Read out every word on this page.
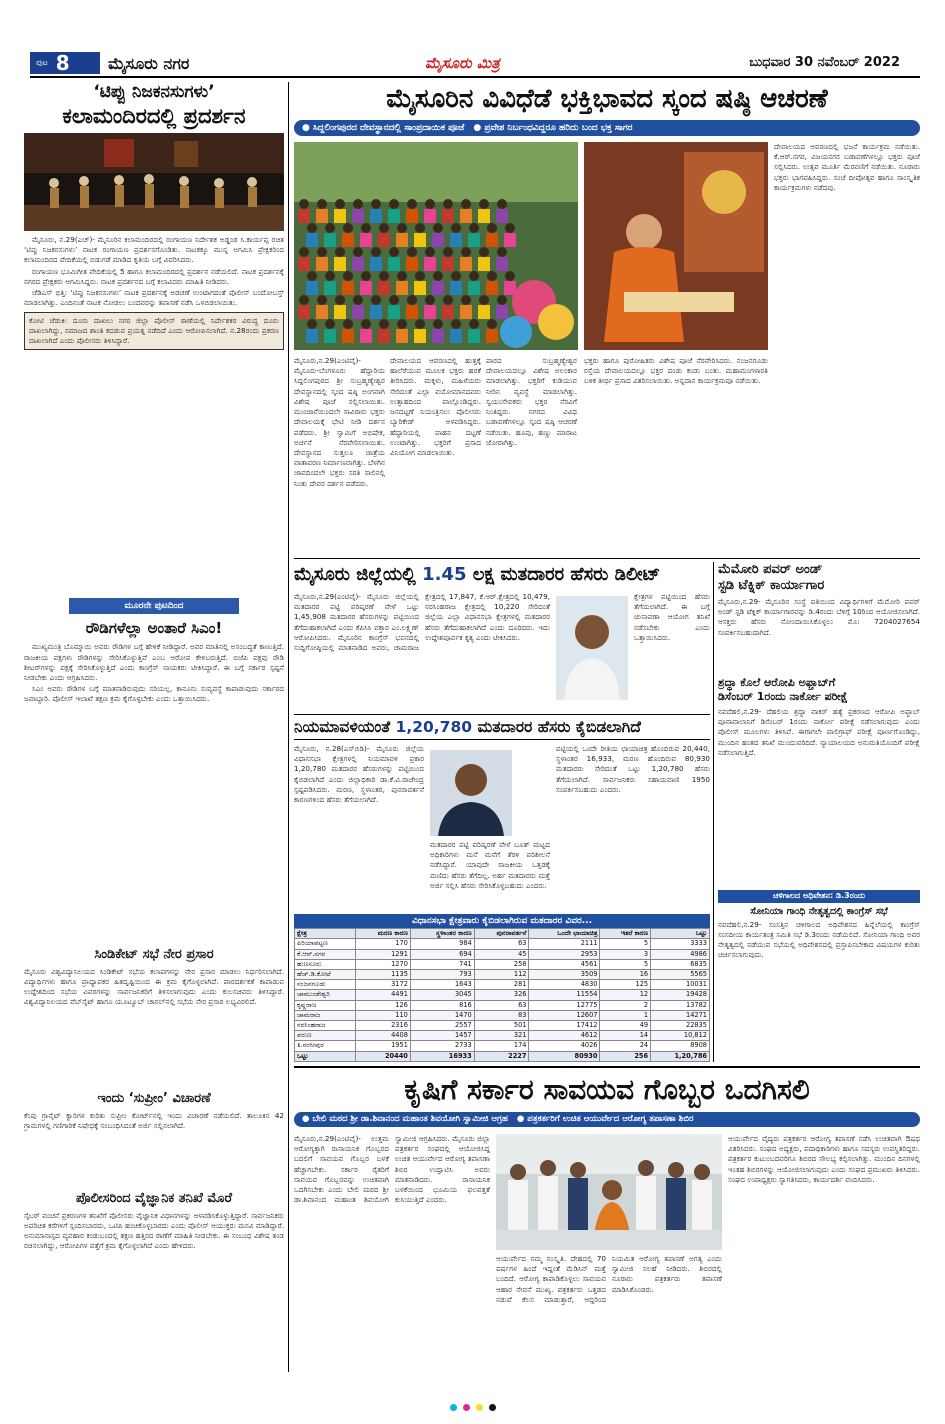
ಪುಟ 8 ಮೈಸೂರು ನಗರ	ಮೈಸೂರು ಮಿತ್ರ	ಬುಧವಾರ 30 ನವೆಂಬರ್ 2022
‘ಟಿಪ್ಪು ನಿಜಕನಸುಗಳು’
ಕಲಾಮಂದಿರದಲ್ಲಿ ಪ್ರದರ್ಶನ

ಮೈಸೂರು, ನ.29(ಎಚ್‌)- ಮೈಸೂರಿನ ಕಲಾಮಂದಿರದಲ್ಲಿ ರಂಗಾಯಣ ನಿರ್ದೇಶಕ ಅಡ್ಡಂಡ ಸಿ.ಕಾರ್ಯಪ್ಪ ರಚಿತ ‘ಟಿಪ್ಪು ನಿಜಕನಸುಗಳು’ ನಾಟಕ ರಂಗಾಯಣ ಪ್ರದರ್ಶನಗೊಂಡಿತು. ನಾಟಕಕ್ಕೂ ಮುನ್ನ ಅಗಮಿಸಿ ಪ್ರೇಕ್ಷಕರಿಂದ ಕಲಾಮಂದಿರದ ವೇದಿಕೆಯಲ್ಲಿ ಬಿಡುಗಡೆ ಮಾಡಿದ ಕೃತಿಯ ಬಗ್ಗೆ ವಿವರಿಸಿದರು.

ರಂಗಾಯಣ ಭೂಮಿಗೀತ ವೇದಿಕೆಯಲ್ಲಿ 5 ಹಾಗೂ ಕಲಾಮಂದಿರದಲ್ಲಿ ಪ್ರದರ್ಶನ ನಡೆಯಲಿದೆ. ನಾಟಕ ಪ್ರದರ್ಶನಕ್ಕೆ ನಗರದ ಪ್ರೇಕ್ಷಕರು ಆಗಮಿಸಿದ್ದರು. ನಾಟಕ ಪ್ರದರ್ಶನದ ಬಗ್ಗೆ ಕಲಾವಿದರು ಮಾಹಿತಿ ನೀಡಿದರು.

ಜೆಡಿಎಸ್ ಭಿತ್ತಿ: ‘ಟಿಪ್ಪು ನಿಜಕನಸುಗಳು’ ನಾಟಕ ಪ್ರದರ್ಶನಕ್ಕೆ ಅಡಚಣೆ ಉಂಟಾಗದಂತೆ ಪೊಲೀಸ್ ಬಂದೋಬಸ್ತ್ ಮಾಡಲಾಗಿತ್ತು. ಎಂದಿನಂತೆ ನಾಟಕ ನೋಡಲು ಬಂದವರನ್ನು ತಪಾಸಣೆ ನಡೆಸಿ ಒಳಬಿಡಲಾಯಿತು.

ಕೋಟಿ ಚೆಡುಕಿ: ದೂರು ದಾಖಲು ನಗರ ಜಿಲ್ಲಾ ಪೊಲೀಸ್ ಠಾಣೆಯಲ್ಲಿ ನಿರ್ದೇಶಕರ ವಿರುದ್ಧ ದೂರು ದಾಖಲಾಗಿದ್ದು, ಸಮಾಜದ ಶಾಂತಿ ಕದಡುವ ಪ್ರಯತ್ನ ನಡೆದಿದೆ ಎಂದು ಆರೋಪಿಸಲಾಗಿದೆ. ನ.28ರಂದು ಪ್ರಕರಣ ದಾಖಲಾಗಿದೆ ಎಂದು ಪೊಲೀಸರು ತಿಳಿಸಿದ್ದಾರೆ.
ಮೂರನೇ ಪುಟದಿಂದ
ರೌಡಿಗಳೆಲ್ಲಾ ಅಂತಾರೆ ಸಿಎಂ!

ಮುಖ್ಯಮಂತ್ರಿ ಬೊಮ್ಮಾಯಿ ಅವರು ರೌಡಿಗಳ ಬಗ್ಗೆ ಹೇಳಿಕೆ ನೀಡಿದ್ದಾರೆ. ಅವರ ಮಾತಿನಲ್ಲಿ ಅಸಂಬದ್ಧತೆ ಕಾಣುತ್ತಿದೆ. ರಾಜಕೀಯ ಪಕ್ಷಗಳು ರೌಡಿಗಳನ್ನು ಸೇರಿಸಿಕೊಳ್ಳುತ್ತಿವೆ ಎಂಬ ಆರೋಪ ಕೇಳಿಬರುತ್ತಿದೆ. ಬಿಜೆಪಿ ಪಕ್ಷವು ರೌಡಿ ಶೀಟರ್‌ಗಳನ್ನು ಪಕ್ಷಕ್ಕೆ ಸೇರಿಸಿಕೊಳ್ಳುತ್ತಿದೆ ಎಂದು ಕಾಂಗ್ರೆಸ್ ನಾಯಕರು ಟೀಕಿಸಿದ್ದಾರೆ. ಈ ಬಗ್ಗೆ ಸರ್ಕಾರ ಸ್ಪಷ್ಟನೆ ನೀಡಬೇಕು ಎಂದು ಆಗ್ರಹಿಸಿದರು.

ಸಿಎಂ ಅವರು ರೌಡಿಗಳ ಬಗ್ಗೆ ಮಾತನಾಡಿರುವುದು ಸರಿಯಲ್ಲ. ಕಾನೂನು ಸುವ್ಯವಸ್ಥೆ ಕಾಪಾಡುವುದು ಸರ್ಕಾರದ ಜವಾಬ್ದಾರಿ. ಪೊಲೀಸ್ ಇಲಾಖೆ ತಕ್ಷಣ ಕ್ರಮ ಕೈಗೊಳ್ಳಬೇಕು ಎಂದು ಒತ್ತಾಯಿಸಿದರು.

ಸಿಂಡಿಕೇಟ್ ಸಭೆ ನೇರ ಪ್ರಸಾರ
ಮೈಸೂರು ವಿಶ್ವವಿದ್ಯಾನಿಲಯದ ಸಿಂಡಿಕೇಟ್ ಸಭೆಯ ಕಲಾಪಗಳನ್ನು ನೇರ ಪ್ರಸಾರ ಮಾಡಲು ನಿರ್ಧರಿಸಲಾಗಿದೆ. ವಿದ್ಯಾರ್ಥಿಗಳು ಹಾಗೂ ಪ್ರಾಧ್ಯಾಪಕರ ಹಿತದೃಷ್ಟಿಯಿಂದ ಈ ಕ್ರಮ ಕೈಗೊಳ್ಳಲಾಗಿದೆ. ಪಾರದರ್ಶಕತೆ ಕಾಪಾಡುವ ಉದ್ದೇಶದಿಂದ ಸಭೆಯ ವಿವರಗಳನ್ನು ಸಾರ್ವಜನಿಕರಿಗೆ ತಿಳಿಸಲಾಗುವುದು ಎಂದು ಕುಲಸಚಿವರು ತಿಳಿಸಿದ್ದಾರೆ. ವಿಶ್ವವಿದ್ಯಾನಿಲಯದ ವೆಬ್‌ಸೈಟ್ ಹಾಗೂ ಯೂಟ್ಯೂಬ್ ಚಾನಲ್‌ನಲ್ಲಿ ಸಭೆಯ ನೇರ ಪ್ರಸಾರ ಲಭ್ಯವಿರಲಿದೆ.
ಇಂದು ‘ಸುಪ್ರೀಂ’ ವಿಚಾರಣೆ
ಕೆಂಪು ಗ್ರಾನೈಟ್ ಕ್ವಾರಿಗಳ ಕುರಿತು ಸುಪ್ರೀಂ ಕೋರ್ಟ್‌ನಲ್ಲಿ ಇಂದು ವಿಚಾರಣೆ ನಡೆಯಲಿದೆ. ತಾಲೂಕಿನ 42 ಗ್ರಾಮಗಳಲ್ಲಿ ಗಣಿಗಾರಿಕೆ ನಿಷೇಧಕ್ಕೆ ಸಂಬಂಧಿಸಿದಂತೆ ಅರ್ಜಿ ಸಲ್ಲಿಸಲಾಗಿದೆ.
ಪೊಲೀಸರಿಂದ ವೈಜ್ಞಾನಿಕ ತನಿಖೆ ಮೊರೆ
ಸೈಬರ್ ವಂಚನೆ ಪ್ರಕರಣಗಳ ತನಿಖೆಗೆ ಪೊಲೀಸರು ವೈಜ್ಞಾನಿಕ ವಿಧಾನಗಳನ್ನು ಅಳವಡಿಸಿಕೊಳ್ಳುತ್ತಿದ್ದಾರೆ. ಸಾರ್ವಜನಿಕರು ಅಪರಿಚಿತ ಕರೆಗಳಿಗೆ ಸ್ಪಂದಿಸಬಾರದು, ಒಟಿಪಿ ಹಂಚಿಕೊಳ್ಳಬಾರದು ಎಂದು ಪೊಲೀಸ್ ಆಯುಕ್ತರು ಮನವಿ ಮಾಡಿದ್ದಾರೆ. ಅನುಮಾನಾಸ್ಪದ ವ್ಯವಹಾರ ಕಂಡುಬಂದಲ್ಲಿ ತಕ್ಷಣ ಹತ್ತಿರದ ಠಾಣೆಗೆ ಮಾಹಿತಿ ನೀಡಬೇಕು. ಈ ಸಂಬಂಧ ವಿಶೇಷ ತಂಡ ರಚಿಸಲಾಗಿದ್ದು, ಆರೋಪಿಗಳ ಪತ್ತೆಗೆ ಕ್ರಮ ಕೈಗೊಳ್ಳಲಾಗಿದೆ ಎಂದು ಹೇಳಿದರು.
ಮೈಸೂರಿನ ವಿವಿಧೆಡೆ ಭಕ್ತಿಭಾವದ ಸ್ಕಂದ ಷಷ್ಠಿ ಆಚರಣೆ
● ಸಿದ್ದಲಿಂಗಪುರದ ದೇವಸ್ಥಾನದಲ್ಲಿ ಸಾಂಪ್ರದಾಯಿಕ ಪೂಜೆ ● ಪ್ರವೇಶ ನಿರ್ಬಂಧವಿದ್ದರೂ ಹರಿದು ಬಂದ ಭಕ್ತ ಸಾಗರ
ದೇವಾಲಯದ ಆವರಣದಲ್ಲಿ ಭಜನೆ ಕಾರ್ಯಕ್ರಮ ನಡೆಯಿತು. ಕೆ.ಆರ್.ನಗರ, ವಿಜಯನಗರ ಬಡಾವಣೆಗಳಲ್ಲೂ ಭಕ್ತರು ಪೂಜೆ ಸಲ್ಲಿಸಿದರು. ಉತ್ಸವ ಮೂರ್ತಿ ಮೆರವಣಿಗೆ ನಡೆಯಿತು. ನೂರಾರು ಭಕ್ತರು ಭಾಗವಹಿಸಿದ್ದರು. ಸಂಜೆ ದೀಪೋತ್ಸವ ಹಾಗೂ ಸಾಂಸ್ಕೃತಿಕ ಕಾರ್ಯಕ್ರಮಗಳು ನಡೆದವು.
ಮೈಸೂರು,ನ.29(ಎಂಟಿವೈ)- ಮೈಸೂರು-ಬೆಂಗಳೂರು ಹೆದ್ದಾರಿಯ ಸಿದ್ದಲಿಂಗಪುರದ ಶ್ರೀ ಸುಬ್ರಹ್ಮಣ್ಯೇಶ್ವರ ದೇವಸ್ಥಾನದಲ್ಲಿ ಸ್ಕಂದ ಷಷ್ಠಿ ಅಂಗವಾಗಿ ವಿಶೇಷ ಪೂಜೆ ಸಲ್ಲಿಸಲಾಯಿತು. ಮುಂಜಾನೆಯಿಂದಲೇ ಸಾವಿರಾರು ಭಕ್ತರು ದೇವಾಲಯಕ್ಕೆ ಭೇಟಿ ನೀಡಿ ದರ್ಶನ ಪಡೆದರು. ಶ್ರೀ ಸ್ವಾಮಿಗೆ ಅಭಿಷೇಕ, ಅರ್ಚನೆ ನೆರವೇರಿಸಲಾಯಿತು. ದೇವಸ್ಥಾನದ ಸುತ್ತಲೂ ಜಾತ್ರೆಯ ವಾತಾವರಣ ನಿರ್ಮಾಣವಾಗಿತ್ತು. ಬೆಳಗಿನ ಜಾವದಿಂದಲೇ ಭಕ್ತರು ಸರತಿ ಸಾಲಿನಲ್ಲಿ ನಿಂತು ದೇವರ ದರ್ಶನ ಪಡೆದರು.
ದೇವಾಲಯದ ಆವರಣದಲ್ಲಿ ಹುತ್ತಕ್ಕೆ ಹಾಲೆರೆಯುವ ಮೂಲಕ ಭಕ್ತರು ಹರಕೆ ತೀರಿಸಿದರು. ಮಕ್ಕಳು, ಮಹಿಳೆಯರು ಸೇರಿದಂತೆ ಎಲ್ಲಾ ವಯೋಮಾನದವರು ಉತ್ಸಾಹದಿಂದ ಪಾಲ್ಗೊಂಡಿದ್ದರು. ಜನದಟ್ಟಣೆ ನಿಯಂತ್ರಿಸಲು ಪೊಲೀಸರು ಬ್ಯಾರಿಕೇಡ್ ಅಳವಡಿಸಿದ್ದರು. ಹೆದ್ದಾರಿಯಲ್ಲಿ ವಾಹನ ದಟ್ಟಣೆ ಉಂಟಾಗಿತ್ತು. ಭಕ್ತರಿಗೆ ಪ್ರಸಾದ ವಿನಿಯೋಗ ಮಾಡಲಾಯಿತು.
ಪಾರದ ಸುಬ್ರಹ್ಮಣ್ಯೇಶ್ವರ ದೇವಾಲಯದಲ್ಲೂ ವಿಶೇಷ ಅಲಂಕಾರ ಮಾಡಲಾಗಿತ್ತು. ಭಕ್ತರಿಗೆ ಕುಡಿಯುವ ನೀರಿನ ವ್ಯವಸ್ಥೆ ಮಾಡಲಾಗಿತ್ತು. ಸ್ವಯಂಸೇವಕರು ಭಕ್ತರ ನೆರವಿಗೆ ನಿಂತಿದ್ದರು. ನಗರದ ವಿವಿಧ ಬಡಾವಣೆಗಳಲ್ಲೂ ಸ್ಕಂದ ಷಷ್ಠಿ ಆಚರಣೆ ನಡೆಯಿತು. ಹೂವು, ಹಣ್ಣು ಮಾರಾಟ ಜೋರಾಗಿತ್ತು.
ಭಕ್ತರು ಹಾಗೂ ಪುರೋಹಿತರು ವಿಶೇಷ ಪೂಜೆ ನೆರವೇರಿಸಿದರು. ನಂಜನಗೂಡು ರಸ್ತೆಯ ದೇವಾಲಯದಲ್ಲೂ ಭಕ್ತರ ದಂಡು ಕಂಡು ಬಂತು. ಮಹಾಮಂಗಳಾರತಿ ಬಳಿಕ ತೀರ್ಥ ಪ್ರಸಾದ ವಿತರಿಸಲಾಯಿತು. ಅನ್ನದಾನ ಕಾರ್ಯಕ್ರಮವೂ ನಡೆಯಿತು.
ಮೈಸೂರು ಜಿಲ್ಲೆಯಲ್ಲಿ 1.45 ಲಕ್ಷ ಮತದಾರರ ಹೆಸರು ಡಿಲೀಟ್
ಮೈಸೂರು,ನ.29(ಎಂಟಿವೈ)- ಮೈಸೂರು ಜಿಲ್ಲೆಯಲ್ಲಿ ಮತದಾರರ ಪಟ್ಟಿ ಪರಿಷ್ಕರಣೆ ವೇಳೆ ಒಟ್ಟು 1,45,908 ಮತದಾರರ ಹೆಸರುಗಳನ್ನು ಪಟ್ಟಿಯಿಂದ ತೆಗೆದುಹಾಕಲಾಗಿದೆ ಎಂದು ಕೆಪಿಸಿಸಿ ವಕ್ತಾರ ಎಂ.ಲಕ್ಷ್ಮಣ್ ಆರೋಪಿಸಿದರು. ಮೈಸೂರಿನ ಕಾಂಗ್ರೆಸ್ ಭವನದಲ್ಲಿ ಸುದ್ದಿಗೋಷ್ಠಿಯಲ್ಲಿ ಮಾತನಾಡಿದ ಅವರು, ಚಾಮರಾಜ ಕ್ಷೇತ್ರದಲ್ಲಿ 17,847, ಕೆ.ಆರ್.ಕ್ಷೇತ್ರದಲ್ಲಿ 10,479, ನರಸಿಂಹರಾಜ ಕ್ಷೇತ್ರದಲ್ಲಿ 10,220 ಸೇರಿದಂತೆ ಜಿಲ್ಲೆಯ ಎಲ್ಲಾ ವಿಧಾನಸಭಾ ಕ್ಷೇತ್ರಗಳಲ್ಲಿ ಮತದಾರರ ಹೆಸರು ತೆಗೆದುಹಾಕಲಾಗಿದೆ ಎಂದು ದೂರಿದರು. ಇದು ಉದ್ದೇಶಪೂರ್ವಕ ಕೃತ್ಯ ಎಂದು ಟೀಕಿಸಿದರು.
ಕ್ಷೇತ್ರಗಳ ಪಟ್ಟಿಯಿಂದ ಹೆಸರು ತೆಗೆಯಲಾಗಿದೆ. ಈ ಬಗ್ಗೆ ಚುನಾವಣಾ ಆಯೋಗ ತನಿಖೆ ನಡೆಸಬೇಕು ಎಂದು ಒತ್ತಾಯಿಸಿದರು.
ಮೆಮೋರಿ ಪವರ್ ಅಂಡ್
ಸ್ಟಡಿ ಟೆಕ್ನಿಕ್ ಕಾರ್ಯಾಗಾರ
ಮೈಸೂರು,ನ.29- ಮೈಸೂರಿನ ಸಂಸ್ಥೆ ವತಿಯಿಂದ ವಿದ್ಯಾರ್ಥಿಗಳಿಗೆ ಮೆಮೋರಿ ಪವರ್ ಅಂಡ್ ಸ್ಟಡಿ ಟೆಕ್ನಿಕ್ ಕಾರ್ಯಾಗಾರವನ್ನು ಡಿ.4ರಂದು ಬೆಳಿಗ್ಗೆ 10ರಿಂದ ಆಯೋಜಿಸಲಾಗಿದೆ. ಆಸಕ್ತರು ಹೆಸರು ನೋಂದಾಯಿಸಿಕೊಳ್ಳಲು ಮೊ: 7204027654 ಸಂಪರ್ಕಿಸಬಹುದಾಗಿದೆ.
ಶ್ರದ್ಧಾ ಕೊಲೆ ಆರೋಪಿ ಅಫ್ತಾಬ್‌ಗೆ
ಡಿಸೆಂಬರ್ 1ರಂದು ನಾರ್ಕೋ ಪರೀಕ್ಷೆ
ನವದೆಹಲಿ,ನ.29- ದೆಹಲಿಯ ಶ್ರದ್ಧಾ ವಾಕರ್ ಹತ್ಯೆ ಪ್ರಕರಣದ ಆರೋಪಿ ಅಫ್ತಾಬ್ ಪೂನಾವಾಲಾನಿಗೆ ಡಿಸೆಂಬರ್ 1ರಂದು ನಾರ್ಕೋ ಪರೀಕ್ಷೆ ನಡೆಸಲಾಗುವುದು ಎಂದು ಪೊಲೀಸ್ ಮೂಲಗಳು ತಿಳಿಸಿವೆ. ಈಗಾಗಲೇ ಪಾಲಿಗ್ರಾಫ್ ಪರೀಕ್ಷೆ ಪೂರ್ಣಗೊಂಡಿದ್ದು, ಮುಂದಿನ ಹಂತದ ತನಿಖೆ ಮುಂದುವರಿದಿದೆ. ನ್ಯಾಯಾಲಯದ ಅನುಮತಿಯೊಂದಿಗೆ ಪರೀಕ್ಷೆ ನಡೆಸಲಾಗುತ್ತಿದೆ.
ಚಳಿಗಾಲದ ಅಧಿವೇಶನ: ಡಿ.3ರಂದು
ಸೋನಿಯಾ ಗಾಂಧಿ ನೇತೃತ್ವದಲ್ಲಿ ಕಾಂಗ್ರೆಸ್ ಸಭೆ
ನವದೆಹಲಿ,ನ.29- ಸಂಸತ್ತಿನ ಚಳಿಗಾಲದ ಅಧಿವೇಶನದ ಹಿನ್ನೆಲೆಯಲ್ಲಿ ಕಾಂಗ್ರೆಸ್ ಸಂಸದೀಯ ಕಾರ್ಯತಂತ್ರ ಸಮಿತಿ ಸಭೆ ಡಿ.3ರಂದು ನಡೆಯಲಿದೆ. ಸೋನಿಯಾ ಗಾಂಧಿ ಅವರ ನೇತೃತ್ವದಲ್ಲಿ ನಡೆಯುವ ಸಭೆಯಲ್ಲಿ ಅಧಿವೇಶನದಲ್ಲಿ ಪ್ರಸ್ತಾಪಿಸಬೇಕಾದ ವಿಷಯಗಳ ಕುರಿತು ಚರ್ಚಿಸಲಾಗುವುದು.
ನಿಯಮಾವಳಿಯಂತೆ 1,20,780 ಮತದಾರರ ಹೆಸರು ಕೈಬಿಡಲಾಗಿದೆ
ಮೈಸೂರು, ನ.28(ಎಸ್‌ಬಿಡಿ)- ಮೈಸೂರು ಜಿಲ್ಲೆಯ ವಿಧಾನಸಭಾ ಕ್ಷೇತ್ರಗಳಲ್ಲಿ ನಿಯಮಾವಳಿ ಪ್ರಕಾರ 1,20,780 ಮತದಾರರ ಹೆಸರುಗಳನ್ನು ಪಟ್ಟಿಯಿಂದ ಕೈಬಿಡಲಾಗಿದೆ ಎಂದು ಜಿಲ್ಲಾಧಿಕಾರಿ ಡಾ.ಕೆ.ವಿ.ರಾಜೇಂದ್ರ ಸ್ಪಷ್ಟಪಡಿಸಿದರು. ಮರಣ, ಸ್ಥಳಾಂತರ, ಪುನರಾವರ್ತನೆ ಕಾರಣಗಳಿಂದ ಹೆಸರು ತೆಗೆಯಲಾಗಿದೆ.
ಮತದಾರರ ಪಟ್ಟಿ ಪರಿಷ್ಕರಣೆ ವೇಳೆ ಬೂತ್ ಮಟ್ಟದ ಅಧಿಕಾರಿಗಳು ಮನೆ ಮನೆಗೆ ತೆರಳಿ ಪರಿಶೀಲನೆ ನಡೆಸಿದ್ದಾರೆ. ಯಾವುದೇ ರಾಜಕೀಯ ಒತ್ತಡಕ್ಕೆ ಮಣಿದು ಹೆಸರು ತೆಗೆದಿಲ್ಲ. ಅರ್ಹ ಮತದಾರರು ಮತ್ತೆ ಅರ್ಜಿ ಸಲ್ಲಿಸಿ ಹೆಸರು ಸೇರಿಸಿಕೊಳ್ಳಬಹುದು ಎಂದರು.
ಪಟ್ಟಿಯಲ್ಲಿ ಒಂದೇ ರೀತಿಯ ಛಾಯಾಚಿತ್ರ ಹೊಂದಿರುವ 20,440, ಸ್ಥಳಾಂತರ 16,933, ಮರಣ ಹೊಂದಿರುವ 80,930 ಮತದಾರರು ಸೇರಿದಂತೆ ಒಟ್ಟು 1,20,780 ಹೆಸರು ತೆಗೆಯಲಾಗಿದೆ. ಸಾರ್ವಜನಿಕರು ಸಹಾಯವಾಣಿ 1950 ಸಂಪರ್ಕಿಸಬಹುದು ಎಂದರು.
ವಿಧಾನಸಭಾ ಕ್ಷೇತ್ರವಾರು ಕೈಬಿಡಲಾಗಿರುವ ಮತದಾರರ ವಿವರ...
ಕ್ಷೇತ್ರ	ಮರಣ ಕಾರಣ	ಸ್ಥಳಾಂತರ ಕಾರಣ	ಪುನರಾವರ್ತನೆ	ಒಂದೇ ಛಾಯಾಚಿತ್ರ	ಇತರೆ ಕಾರಣ	ಒಟ್ಟು
ಪಿರಿಯಾಪಟ್ಟಣ	170	984	63	2111	5	3333
ಕೆ.ಆರ್.ನಗರ	1291	694	45	2953	3	4986
ಹುಣಸೂರು	1270	741	258	4561	5	6835
ಹೆಚ್.ಡಿ.ಕೋಟೆ	1135	793	112	3509	16	5565
ನಂಜನಗೂಡು	3172	1643	281	4830	125	10031
ಚಾಮುಂಡೇಶ್ವರಿ	4491	3045	326	11554	12	19428
ಕೃಷ್ಣರಾಜ	126	816	63	12775	2	13782
ಚಾಮರಾಜ	110	1470	83	12607	1	14271
ನರಸಿಂಹರಾಜ	2316	2557	501	17412	49	22835
ವರುಣ	4408	1457	321	4612	14	10,812
ತಿ.ನರಸೀಪುರ	1951	2733	174	4026	24	8908
ಒಟ್ಟು	20440	16933	2227	80930	256	1,20,786
ಕೃಷಿಗೆ ಸರ್ಕಾರ ಸಾವಯವ ಗೊಬ್ಬರ ಒದಗಿಸಲಿ
● ಬೇಲಿ ಮಠದ ಶ್ರೀ ಡಾ.ಶಿವಾನಂದ ಮಹಾಂತ ಶಿವಯೋಗಿ ಸ್ವಾಮೀಜಿ ಆಗ್ರಹ ● ಪತ್ರಕರ್ತರಿಗೆ ಉಚಿತ ಆಯುರ್ವೇದ ಆರೋಗ್ಯ ತಪಾಸಣಾ ಶಿಬಿರ
ಮೈಸೂರು,ನ.29(ಎಂಟಿವೈ)- ಉತ್ತಮ ಆರೋಗ್ಯಕ್ಕಾಗಿ ರಾಸಾಯನಿಕ ಗೊಬ್ಬರದ ಬದಲಿಗೆ ಸಾವಯವ ಗೊಬ್ಬರ ಬಳಕೆ ಹೆಚ್ಚಾಗಬೇಕು. ಸರ್ಕಾರ ರೈತರಿಗೆ ಸಾವಯವ ಗೊಬ್ಬರವನ್ನು ಉಚಿತವಾಗಿ ಒದಗಿಸಬೇಕು ಎಂದು ಬೇಲಿ ಮಠದ ಶ್ರೀ ಡಾ.ಶಿವಾನಂದ ಮಹಾಂತ ಶಿವಯೋಗಿ ಸ್ವಾಮೀಜಿ ಆಗ್ರಹಿಸಿದರು. ಮೈಸೂರು ಜಿಲ್ಲಾ ಪತ್ರಕರ್ತರ ಸಂಘದಲ್ಲಿ ಆಯೋಜಿಸಿದ್ದ ಉಚಿತ ಆಯುರ್ವೇದ ಆರೋಗ್ಯ ತಪಾಸಣಾ ಶಿಬಿರ ಉದ್ಘಾಟಿಸಿ ಅವರು ಮಾತನಾಡಿದರು. ರಾಸಾಯನಿಕ ಬಳಕೆಯಿಂದ ಭೂಮಿಯ ಫಲವತ್ತತೆ ಕುಸಿಯುತ್ತಿದೆ ಎಂದರು.
ಆಯುರ್ವೇದ ನಮ್ಮ ಸಂಸ್ಕೃತಿ. ದೇಹದಲ್ಲಿ 70 ವರ್ಷಗಳ ಹಿಂದೆ ಇದ್ದಂತೆ ಮೆಡಿಸಿನ್ ಮತ್ತೆ ಬಂದಿದೆ. ಆರೋಗ್ಯ ಕಾಪಾಡಿಕೊಳ್ಳಲು ಸಾವಯವ ಆಹಾರ ಸೇವನೆ ಮುಖ್ಯ. ಪತ್ರಕರ್ತರು ಒತ್ತಡದ ನಡುವೆ ಕೆಲಸ ಮಾಡುತ್ತಾರೆ, ಆದ್ದರಿಂದ ನಿಯಮಿತ ಆರೋಗ್ಯ ತಪಾಸಣೆ ಅಗತ್ಯ ಎಂದು ಸ್ವಾಮೀಜಿ ಸಲಹೆ ನೀಡಿದರು. ಶಿಬಿರದಲ್ಲಿ ನೂರಾರು ಪತ್ರಕರ್ತರು ತಪಾಸಣೆ ಮಾಡಿಸಿಕೊಂಡರು.
ಆಯುರ್ವೇದ ವೈದ್ಯರು ಪತ್ರಕರ್ತರ ಆರೋಗ್ಯ ತಪಾಸಣೆ ನಡೆಸಿ ಉಚಿತವಾಗಿ ಔಷಧ ವಿತರಿಸಿದರು. ಸಂಘದ ಅಧ್ಯಕ್ಷರು, ಪದಾಧಿಕಾರಿಗಳು ಹಾಗೂ ಸದಸ್ಯರು ಉಪಸ್ಥಿತರಿದ್ದರು. ಪತ್ರಕರ್ತರ ಕುಟುಂಬದವರಿಗೂ ಶಿಬಿರದ ಸೌಲಭ್ಯ ಕಲ್ಪಿಸಲಾಗಿತ್ತು. ಮುಂದಿನ ದಿನಗಳಲ್ಲಿ ಇಂತಹ ಶಿಬಿರಗಳನ್ನು ಆಯೋಜಿಸಲಾಗುವುದು ಎಂದು ಸಂಘದ ಪ್ರಮುಖರು ತಿಳಿಸಿದರು. ಸಂಘದ ಉಪಾಧ್ಯಕ್ಷರು ಸ್ವಾಗತಿಸಿದರು, ಕಾರ್ಯದರ್ಶಿ ವಂದಿಸಿದರು.
